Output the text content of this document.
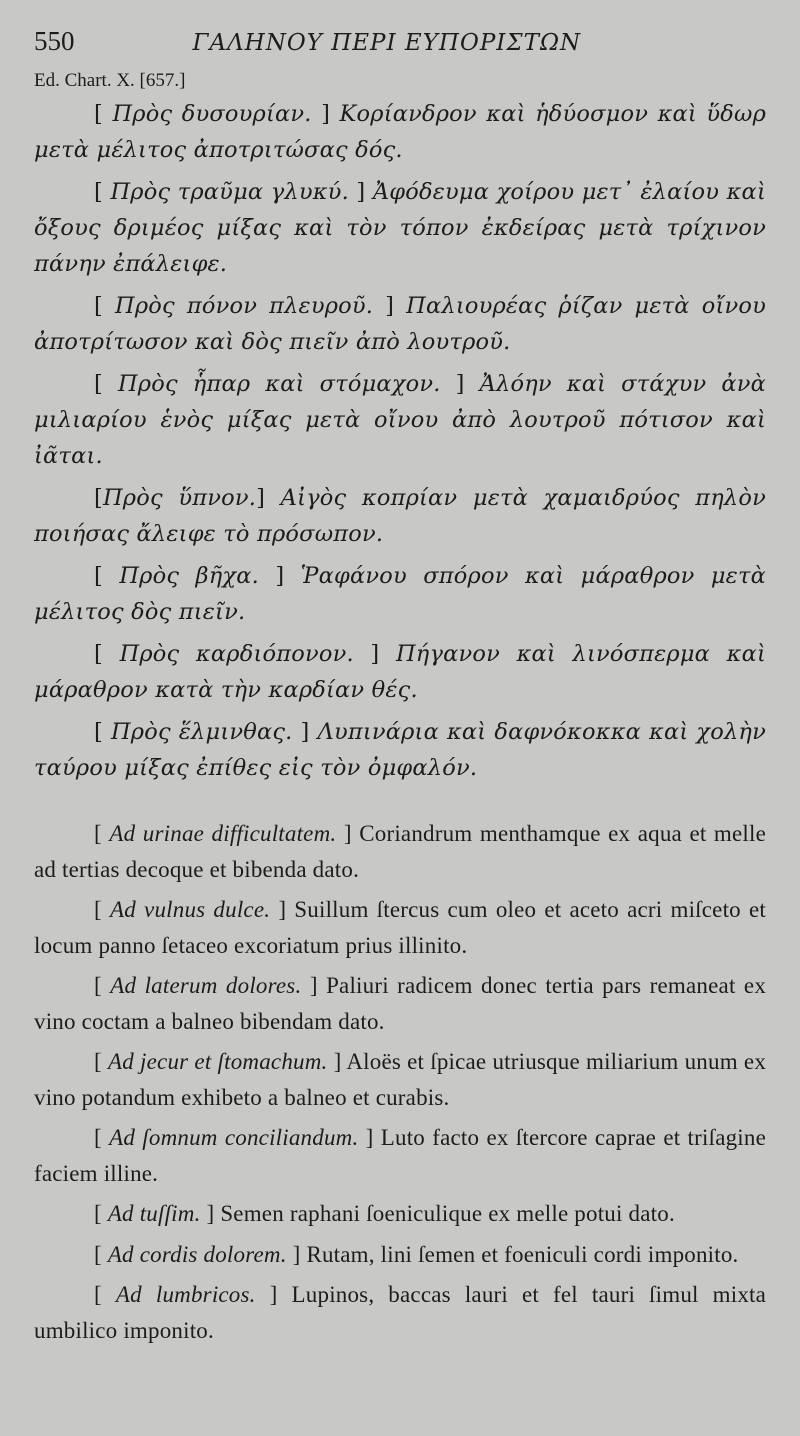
550	ΓΑΛΗΝΟΥ ΠΕΡΙ ΕΥΠΟΡΙΣΤΩΝ
Ed. Chart. X. [657.]

[ Πρὸς δυσουρίαν. ] Κορίανδρον καὶ ἡδύοσμον καὶ ὕδωρ μετὰ μέλιτος ἀποτριτώσας δός.

[ Πρὸς τραῦμα γλυκύ. ] Ἀφόδευμα χοίρου μετ᾽ ἐλαίου καὶ ὄξους δριμέος μίξας καὶ τὸν τόπον ἐκδείρας μετὰ τρίχινον πάνην ἐπάλειφε.

[ Πρὸς πόνον πλευροῦ. ] Παλιουρέας ῥίζαν μετὰ οἴνου ἀποτρίτωσον καὶ δὸς πιεῖν ἀπὸ λουτροῦ.

[ Πρὸς ἧπαρ καὶ στόμαχον. ] Ἀλόην καὶ στάχυν ἀνὰ μιλιαρίου ἑνὸς μίξας μετὰ οἴνου ἀπὸ λουτροῦ πότισον καὶ ἰᾶται.

[Πρὸς ὕπνον.] Αἰγὸς κοπρίαν μετὰ χαμαιδρύος πηλὸν ποιήσας ἄλειφε τὸ πρόσωπον.

[ Πρὸς βῆχα. ] Ῥαφάνου σπόρον καὶ μάραθρον μετὰ μέλιτος δὸς πιεῖν.

[ Πρὸς καρδιόπονον. ] Πήγανον καὶ λινόσπερμα καὶ μάραθρον κατὰ τὴν καρδίαν θές.

[ Πρὸς ἕλμινθας. ] Λυπινάρια καὶ δαφνόκοκκα καὶ χολὴν ταύρου μίξας ἐπίθες εἰς τὸν ὀμφαλόν.

[ Ad urinae difficultatem. ] Coriandrum menthamque ex aqua et melle ad tertias decoque et bibenda dato.

[ Ad vulnus dulce. ] Suillum ſtercus cum oleo et aceto acri miſceto et locum panno ſetaceo excoriatum prius illinito.

[ Ad laterum dolores. ] Paliuri radicem donec tertia pars remaneat ex vino coctam a balneo bibendam dato.

[ Ad jecur et ſtomachum. ] Aloës et ſpicae utriusque miliarium unum ex vino potandum exhibeto a balneo et curabis.

[ Ad ſomnum conciliandum. ] Luto facto ex ſtercore caprae et triſagine faciem illine.

[ Ad tuſſim. ] Semen raphani ſoeniculique ex melle potui dato.

[ Ad cordis dolorem. ] Rutam, lini ſemen et foeniculi cordi imponito.

[ Ad lumbricos. ] Lupinos, baccas lauri et fel tauri ſimul mixta umbilico imponito.
